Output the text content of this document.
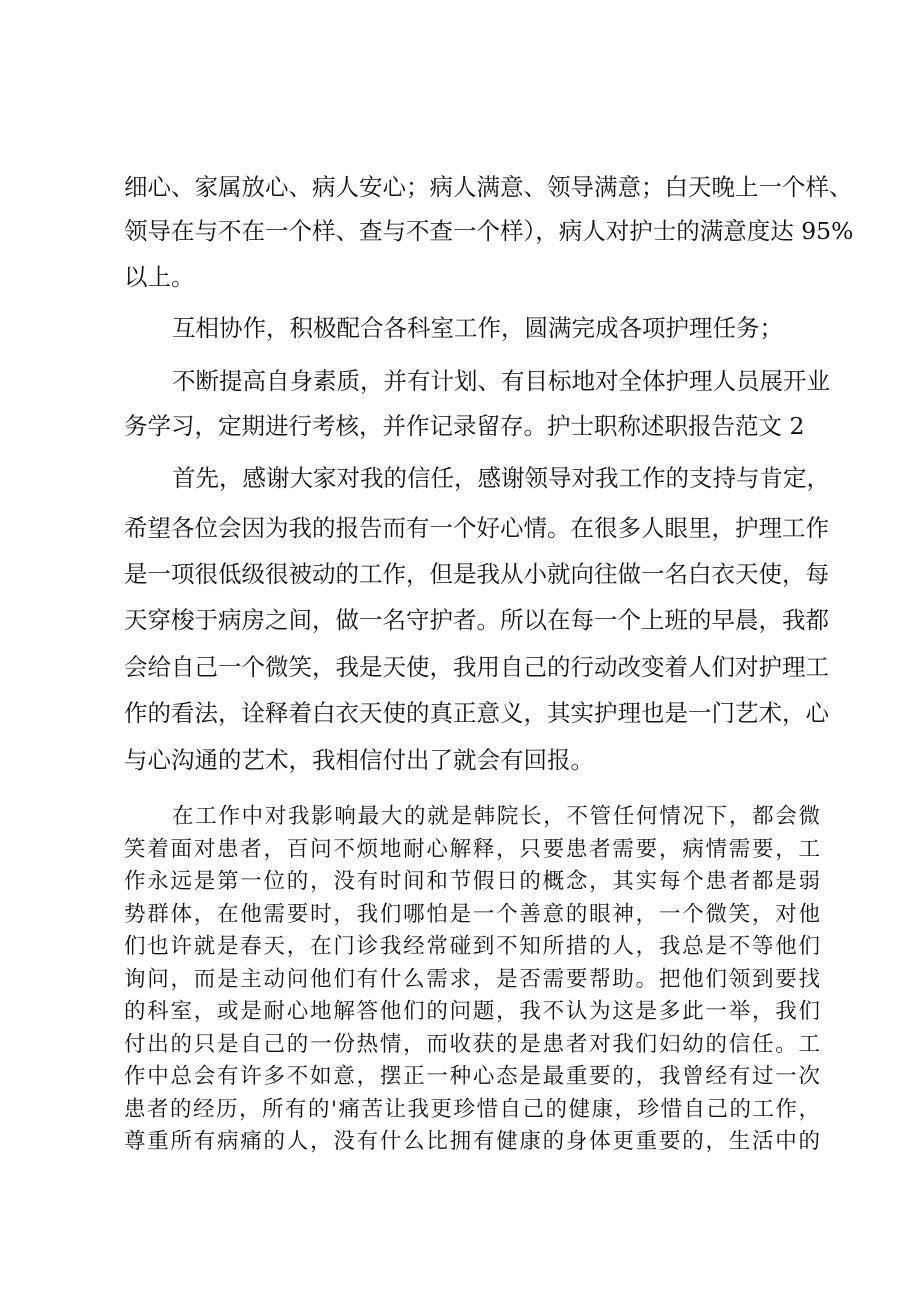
细心、家属放心、病人安心；病人满意、领导满意；白天晚上一个样、
领导在与不在一个样、查与不查一个样），病人对护士的满意度达 95%
以上。
互相协作，积极配合各科室工作，圆满完成各项护理任务；
不断提高自身素质，并有计划、有目标地对全体护理人员展开业
务学习，定期进行考核，并作记录留存。护士职称述职报告范文 2
首先，感谢大家对我的信任，感谢领导对我工作的支持与肯定，
希望各位会因为我的报告而有一个好心情。在很多人眼里，护理工作
是一项很低级很被动的工作，但是我从小就向往做一名白衣天使，每
天穿梭于病房之间，做一名守护者。所以在每一个上班的早晨，我都
会给自己一个微笑，我是天使，我用自己的行动改变着人们对护理工
作的看法，诠释着白衣天使的真正意义，其实护理也是一门艺术，心
与心沟通的艺术，我相信付出了就会有回报。
在工作中对我影响最大的就是韩院长，不管任何情况下，都会微
笑着面对患者，百问不烦地耐心解释，只要患者需要，病情需要，工
作永远是第一位的，没有时间和节假日的概念，其实每个患者都是弱
势群体，在他需要时，我们哪怕是一个善意的眼神，一个微笑，对他
们也许就是春天，在门诊我经常碰到不知所措的人，我总是不等他们
询问，而是主动问他们有什么需求，是否需要帮助。把他们领到要找
的科室，或是耐心地解答他们的问题，我不认为这是多此一举，我们
付出的只是自己的一份热情，而收获的是患者对我们妇幼的信任。工
作中总会有许多不如意，摆正一种心态是最重要的，我曾经有过一次
患者的经历，所有的'痛苦让我更珍惜自己的健康，珍惜自己的工作，
尊重所有病痛的人，没有什么比拥有健康的身体更重要的，生活中的
